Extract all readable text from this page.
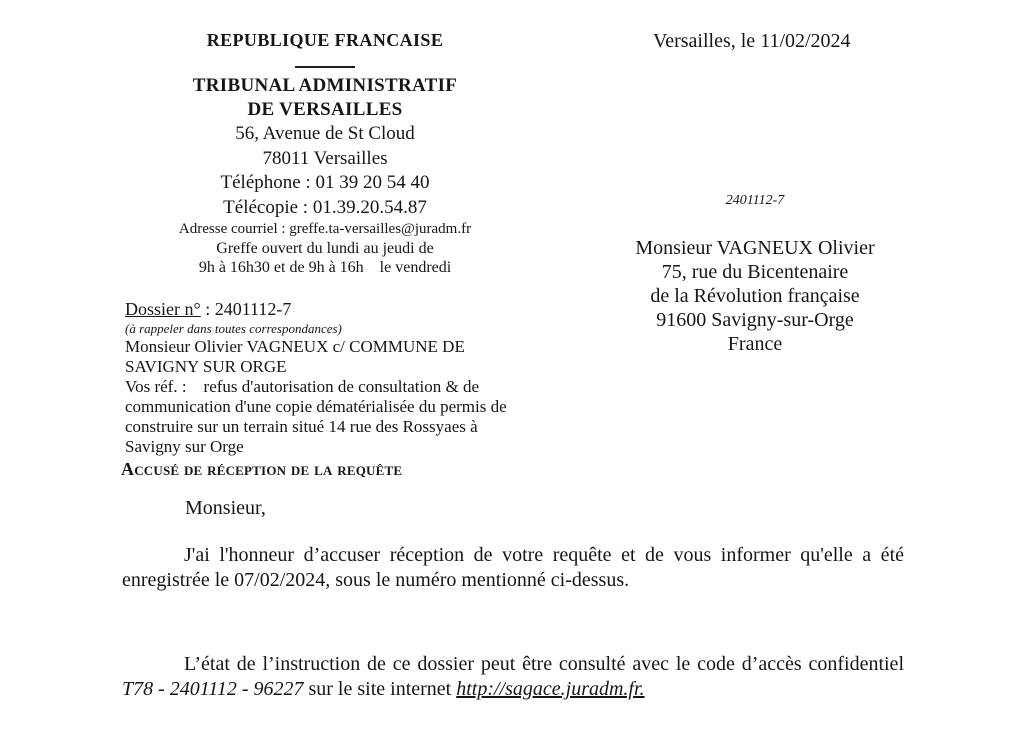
REPUBLIQUE FRANCAISE
TRIBUNAL ADMINISTRATIF
DE VERSAILLES
56, Avenue de St Cloud
78011 Versailles
Téléphone : 01 39 20 54 40
Télécopie : 01.39.20.54.87
Adresse courriel : greffe.ta-versailles@juradm.fr
Greffe ouvert du lundi au jeudi de
9h à 16h30 et de 9h à 16h    le vendredi
Versailles, le 11/02/2024
2401112-7
Monsieur VAGNEUX Olivier
75, rue du Bicentenaire
de la Révolution française
91600 Savigny-sur-Orge
France
Dossier n° : 2401112-7
(à rappeler dans toutes correspondances)
Monsieur Olivier VAGNEUX c/ COMMUNE DE
SAVIGNY SUR ORGE
Vos réf. :    refus d'autorisation de consultation & de
communication d'une copie dématérialisée du permis de
construire sur un terrain situé 14 rue des Rossyaes à
Savigny sur Orge
Accusé de réception de la requête
Monsieur,

J'ai l'honneur d’accuser réception de votre requête et de vous informer qu'elle a été enregistrée le 07/02/2024, sous le numéro mentionné ci-dessus.

L’état de l’instruction de ce dossier peut être consulté avec le code d’accès confidentiel T78 - 2401112 - 96227 sur le site internet http://sagace.juradm.fr.
